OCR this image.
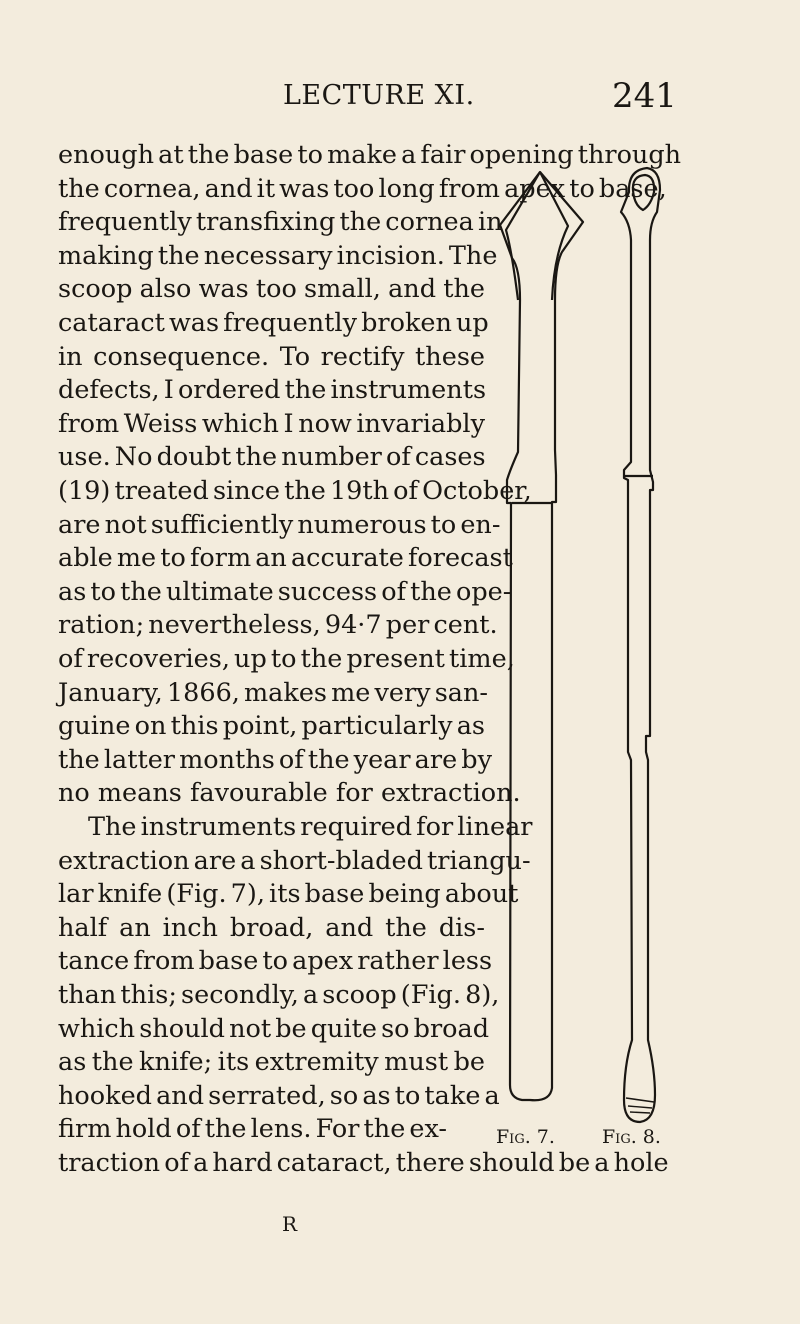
LECTURE XI.	241
enough at the base to make a fair opening through
the cornea, and it was too long from apex to base,
frequently transfixing the cornea in
making the necessary incision. The
scoop also was too small, and the
cataract was frequently broken up
in consequence. To rectify these
defects, I ordered the instruments
from Weiss which I now invariably
use. No doubt the number of cases
(19) treated since the 19th of October,
are not sufficiently numerous to en-
able me to form an accurate forecast
as to the ultimate success of the ope-
ration; nevertheless, 94·7 per cent.
of recoveries, up to the present time,
January, 1866, makes me very san-
guine on this point, particularly as
the latter months of the year are by
no means favourable for extraction.
The instruments required for linear
extraction are a short-bladed triangu-
lar knife (Fig. 7), its base being about
half an inch broad, and the dis-
tance from base to apex rather less
than this; secondly, a scoop (Fig. 8),
which should not be quite so broad
as the knife; its extremity must be
hooked and serrated, so as to take a
firm hold of the lens. For the ex-
traction of a hard cataract, there should be a hole
Fig. 7. Fig. 8.
R
